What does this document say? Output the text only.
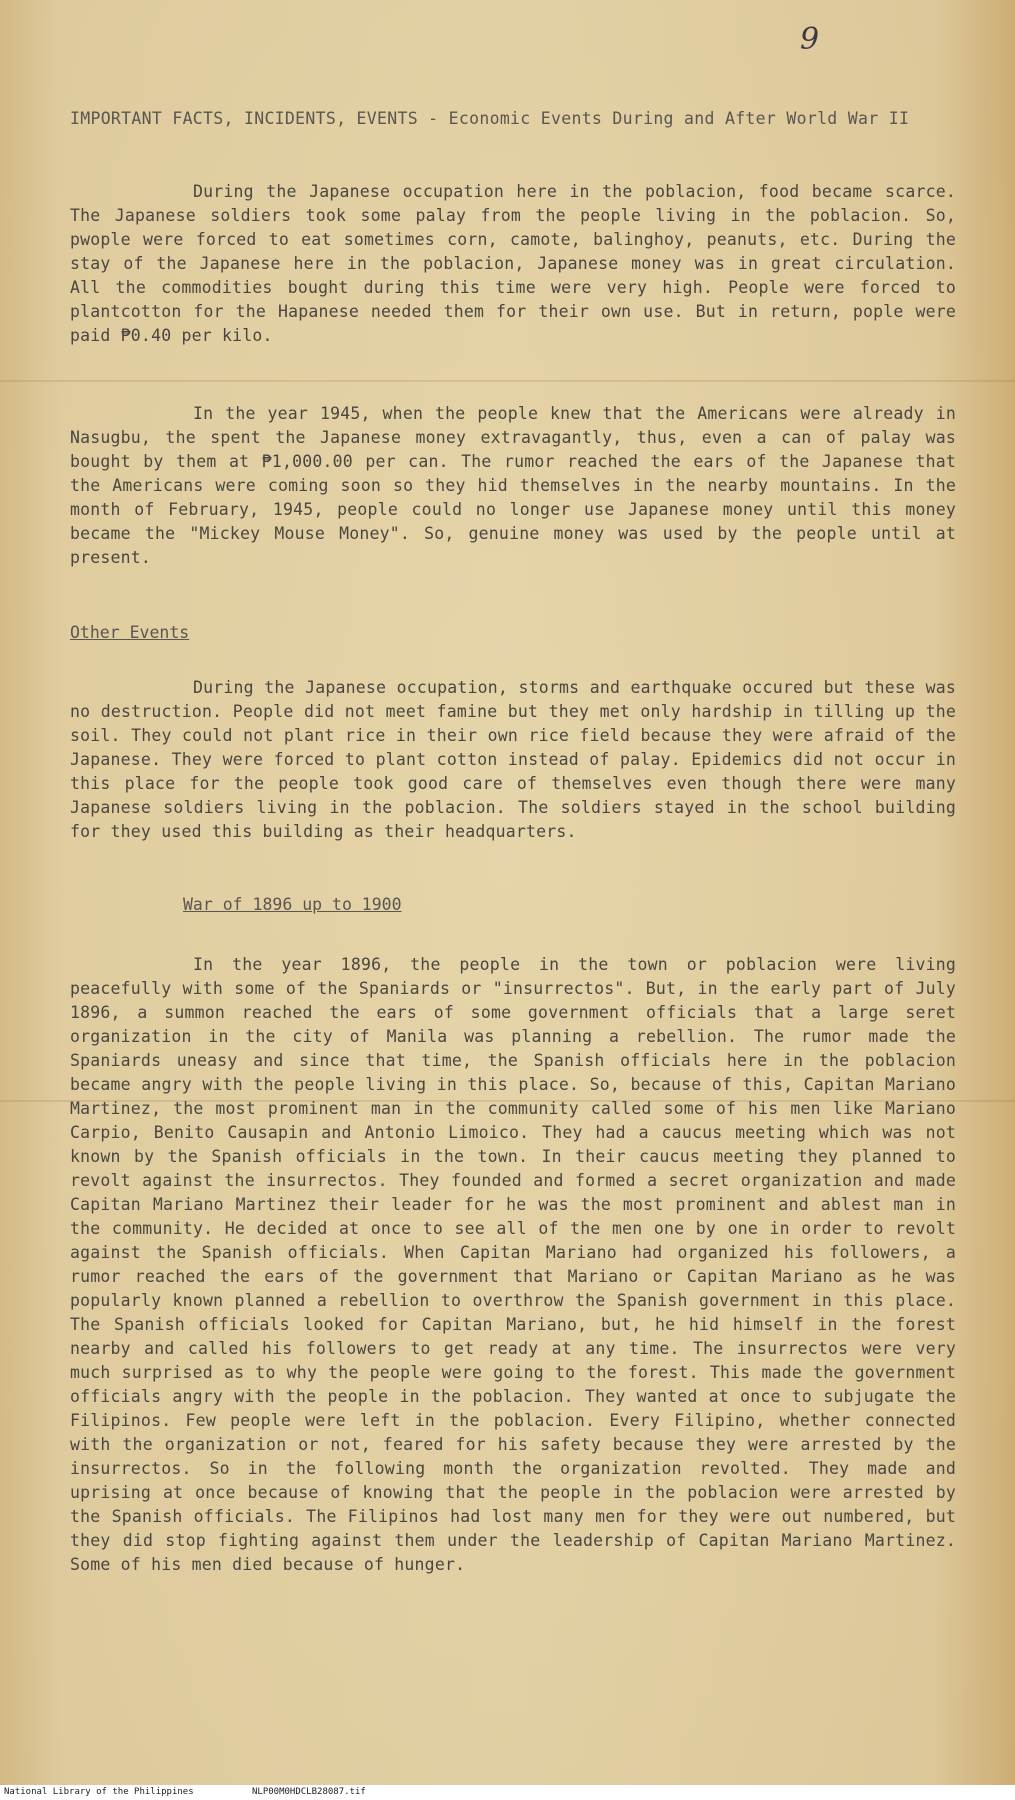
9
IMPORTANT FACTS, INCIDENTS, EVENTS - Economic Events During and After World War II

During the Japanese occupation here in the poblacion, food became scarce. The Japanese soldiers took some palay from the people living in the poblacion. So, pwople were forced to eat sometimes corn, camote, balinghoy, peanuts, etc. During the stay of the Japanese here in the poblacion, Japanese money was in great circulation. All the commodities bought during this time were very high. People were forced to plantcotton for the Hapanese needed them for their own use. But in return, pople were paid ₱0.40 per kilo.

In the year 1945, when the people knew that the Americans were already in Nasugbu, the spent the Japanese money extravagantly, thus, even a can of palay was bought by them at ₱1,000.00 per can. The rumor reached the ears of the Japanese that the Americans were coming soon so they hid themselves in the nearby mountains. In the month of February, 1945, people could no longer use Japanese money until this money became the "Mickey Mouse Money". So, genuine money was used by the people until at present.

Other Events

During the Japanese occupation, storms and earthquake occured but these was no destruction. People did not meet famine but they met only hardship in tilling up the soil. They could not plant rice in their own rice field because they were afraid of the Japanese. They were forced to plant cotton instead of palay. Epidemics did not occur in this place for the people took good care of themselves even though there were many Japanese soldiers living in the poblacion. The soldiers stayed in the school building for they used this building as their headquarters.

War of 1896 up to 1900

In the year 1896, the people in the town or poblacion were living peacefully with some of the Spaniards or "insurrectos". But, in the early part of July 1896, a summon reached the ears of some government officials that a large seret organization in the city of Manila was planning a rebellion. The rumor made the Spaniards uneasy and since that time, the Spanish officials here in the poblacion became angry with the people living in this place. So, because of this, Capitan Mariano Martinez, the most prominent man in the community called some of his men like Mariano Carpio, Benito Causapin and Antonio Limoico. They had a caucus meeting which was not known by the Spanish officials in the town. In their caucus meeting they planned to revolt against the insurrectos. They founded and formed a secret organization and made Capitan Mariano Martinez their leader for he was the most prominent and ablest man in the community. He decided at once to see all of the men one by one in order to revolt against the Spanish officials. When Capitan Mariano had organized his followers, a rumor reached the ears of the government that Mariano or Capitan Mariano as he was popularly known planned a rebellion to overthrow the Spanish government in this place. The Spanish officials looked for Capitan Mariano, but, he hid himself in the forest nearby and called his followers to get ready at any time. The insurrectos were very much surprised as to why the people were going to the forest. This made the government officials angry with the people in the poblacion. They wanted at once to subjugate the Filipinos. Few people were left in the poblacion. Every Filipino, whether connected with the organization or not, feared for his safety because they were arrested by the insurrectos. So in the following month the organization revolted. They made and uprising at once because of knowing that the people in the poblacion were arrested by the Spanish officials. The Filipinos had lost many men for they were out numbered, but they did stop fighting against them under the leadership of Capitan Mariano Martinez. Some of his men died because of hunger.

National Library of the Philippines	NLP00M0HDCLB28087.tif
